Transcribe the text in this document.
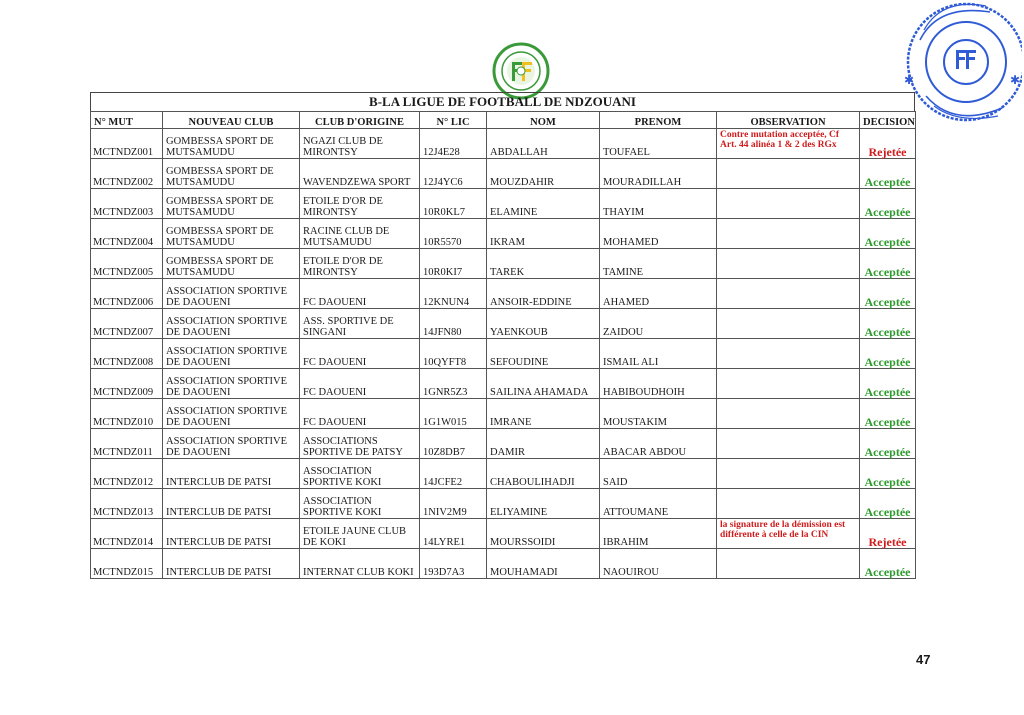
✱	✱
B-LA LIGUE DE FOOTBALL DE NDZOUANI
N° MUT	NOUVEAU CLUB	CLUB D'ORIGINE	N° LIC	NOM	PRENOM	OBSERVATION	DECISION
MCTNDZ001	GOMBESSA SPORT DE MUTSAMUDU	NGAZI CLUB DE MIRONTSY	12J4E28	ABDALLAH	TOUFAEL	Contre mutation acceptée, Cf Art. 44 alinéa 1 & 2 des RGx	Rejetée
MCTNDZ002	GOMBESSA SPORT DE MUTSAMUDU	WAVENDZEWA SPORT	12J4YC6	MOUZDAHIR	MOURADILLAH		Acceptée
MCTNDZ003	GOMBESSA SPORT DE MUTSAMUDU	ETOILE D'OR DE MIRONTSY	10R0KL7	ELAMINE	THAYIM		Acceptée
MCTNDZ004	GOMBESSA SPORT DE MUTSAMUDU	RACINE CLUB DE MUTSAMUDU	10R5570	IKRAM	MOHAMED		Acceptée
MCTNDZ005	GOMBESSA SPORT DE MUTSAMUDU	ETOILE D'OR DE MIRONTSY	10R0KI7	TAREK	TAMINE		Acceptée
MCTNDZ006	ASSOCIATION SPORTIVE DE DAOUENI	FC DAOUENI	12KNUN4	ANSOIR-EDDINE	AHAMED		Acceptée
MCTNDZ007	ASSOCIATION SPORTIVE DE DAOUENI	ASS. SPORTIVE DE SINGANI	14JFN80	YAENKOUB	ZAIDOU		Acceptée
MCTNDZ008	ASSOCIATION SPORTIVE DE DAOUENI	FC DAOUENI	10QYFT8	SEFOUDINE	ISMAIL ALI		Acceptée
MCTNDZ009	ASSOCIATION SPORTIVE DE DAOUENI	FC DAOUENI	1GNR5Z3	SAILINA AHAMADA	HABIBOUDHOIH		Acceptée
MCTNDZ010	ASSOCIATION SPORTIVE DE DAOUENI	FC DAOUENI	1G1W015	IMRANE	MOUSTAKIM		Acceptée
MCTNDZ011	ASSOCIATION SPORTIVE DE DAOUENI	ASSOCIATIONS SPORTIVE DE PATSY	10Z8DB7	DAMIR	ABACAR ABDOU		Acceptée
MCTNDZ012	INTERCLUB DE PATSI	ASSOCIATION SPORTIVE KOKI	14JCFE2	CHABOULIHADJI	SAID		Acceptée
MCTNDZ013	INTERCLUB DE PATSI	ASSOCIATION SPORTIVE KOKI	1NIV2M9	ELIYAMINE	ATTOUMANE		Acceptée
MCTNDZ014	INTERCLUB DE PATSI	ETOILE JAUNE CLUB DE KOKI	14LYRE1	MOURSSOIDI	IBRAHIM	la signature de la démission est différente à celle de la CIN	Rejetée
MCTNDZ015	INTERCLUB DE PATSI	INTERNAT CLUB KOKI	193D7A3	MOUHAMADI	NAOUIROU		Acceptée
47
